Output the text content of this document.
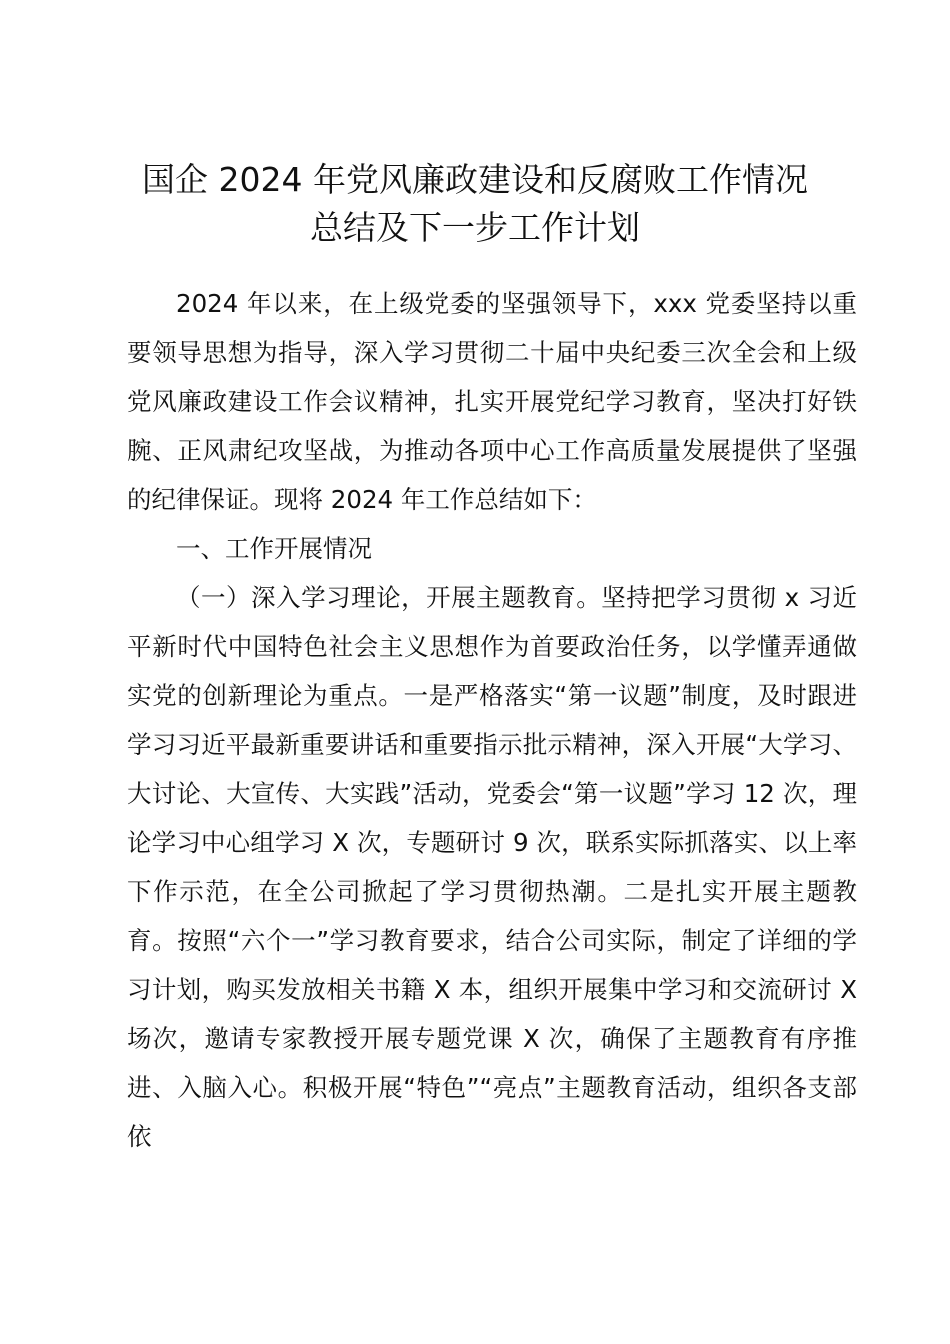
国企 2024 年党风廉政建设和反腐败工作情况
总结及下一步工作计划

2024 年以来，在上级党委的坚强领导下，xxx 党委坚持以重要领导思想为指导，深入学习贯彻二十届中央纪委三次全会和上级党风廉政建设工作会议精神，扎实开展党纪学习教育，坚决打好铁腕、正风肃纪攻坚战，为推动各项中心工作高质量发展提供了坚强的纪律保证。现将 2024 年工作总结如下：

一、工作开展情况

（一）深入学习理论，开展主题教育。坚持把学习贯彻 x 习近平新时代中国特色社会主义思想作为首要政治任务，以学懂弄通做实党的创新理论为重点。一是严格落实“第一议题”制度，及时跟进学习习近平最新重要讲话和重要指示批示精神，深入开展“大学习、大讨论、大宣传、大实践”活动，党委会“第一议题”学习 12 次，理论学习中心组学习 X 次，专题研讨 9 次，联系实际抓落实、以上率下作示范，在全公司掀起了学习贯彻热潮。二是扎实开展主题教育。按照“六个一”学习教育要求，结合公司实际，制定了详细的学习计划，购买发放相关书籍 X 本，组织开展集中学习和交流研讨 X 场次，邀请专家教授开展专题党课 X 次，确保了主题教育有序推进、入脑入心。积极开展“特色”“亮点”主题教育活动，组织各支部依
